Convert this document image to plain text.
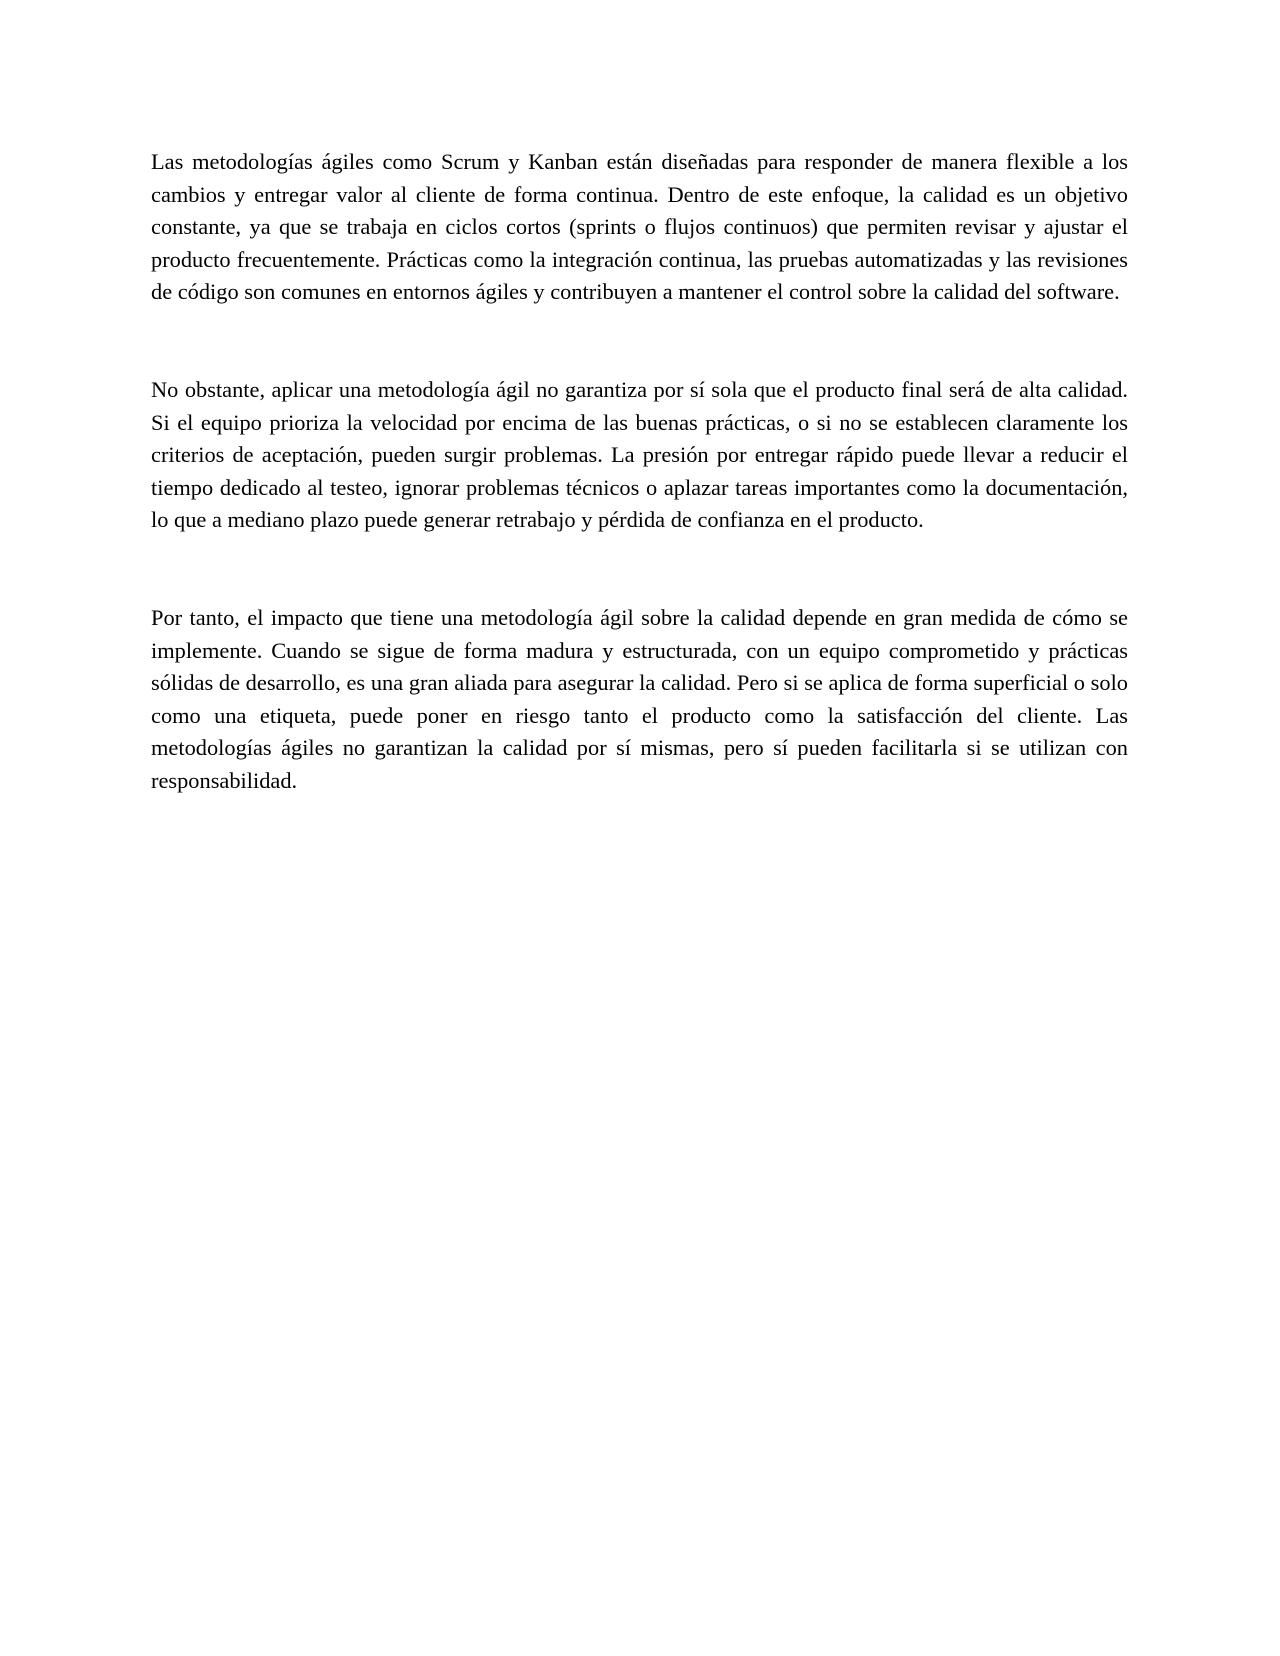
Las metodologías ágiles como Scrum y Kanban están diseñadas para responder de manera flexible a los cambios y entregar valor al cliente de forma continua. Dentro de este enfoque, la calidad es un objetivo constante, ya que se trabaja en ciclos cortos (sprints o flujos continuos) que permiten revisar y ajustar el producto frecuentemente. Prácticas como la integración continua, las pruebas automatizadas y las revisiones de código son comunes en entornos ágiles y contribuyen a mantener el control sobre la calidad del software.

No obstante, aplicar una metodología ágil no garantiza por sí sola que el producto final será de alta calidad. Si el equipo prioriza la velocidad por encima de las buenas prácticas, o si no se establecen claramente los criterios de aceptación, pueden surgir problemas. La presión por entregar rápido puede llevar a reducir el tiempo dedicado al testeo, ignorar problemas técnicos o aplazar tareas importantes como la documentación, lo que a mediano plazo puede generar retrabajo y pérdida de confianza en el producto.

Por tanto, el impacto que tiene una metodología ágil sobre la calidad depende en gran medida de cómo se implemente. Cuando se sigue de forma madura y estructurada, con un equipo comprometido y prácticas sólidas de desarrollo, es una gran aliada para asegurar la calidad. Pero si se aplica de forma superficial o solo como una etiqueta, puede poner en riesgo tanto el producto como la satisfacción del cliente. Las metodologías ágiles no garantizan la calidad por sí mismas, pero sí pueden facilitarla si se utilizan con responsabilidad.
